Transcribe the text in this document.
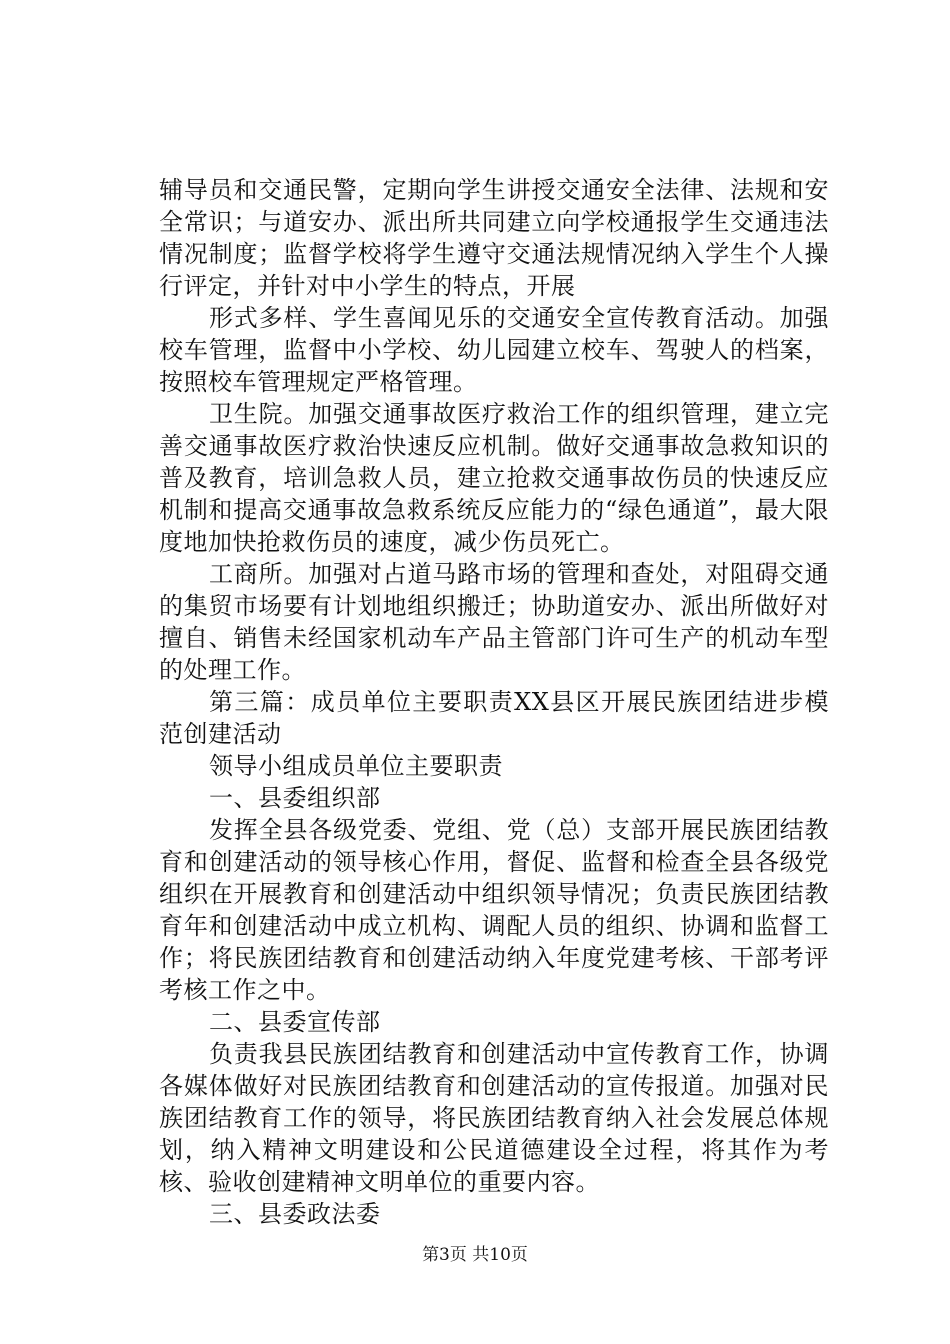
辅导员和交通民警，定期向学生讲授交通安全法律、法规和安全常识；与道安办、派出所共同建立向学校通报学生交通违法情况制度；监督学校将学生遵守交通法规情况纳入学生个人操行评定，并针对中小学生的特点，开展

形式多样、学生喜闻见乐的交通安全宣传教育活动。加强校车管理，监督中小学校、幼儿园建立校车、驾驶人的档案，按照校车管理规定严格管理。

卫生院。加强交通事故医疗救治工作的组织管理，建立完善交通事故医疗救治快速反应机制。做好交通事故急救知识的普及教育，培训急救人员，建立抢救交通事故伤员的快速反应机制和提高交通事故急救系统反应能力的“绿色通道”，最大限度地加快抢救伤员的速度，减少伤员死亡。

工商所。加强对占道马路市场的管理和查处，对阻碍交通的集贸市场要有计划地组织搬迁；协助道安办、派出所做好对擅自、销售未经国家机动车产品主管部门许可生产的机动车型的处理工作。

第三篇：成员单位主要职责XX县区开展民族团结进步模范创建活动

领导小组成员单位主要职责

一、县委组织部

发挥全县各级党委、党组、党（总）支部开展民族团结教育和创建活动的领导核心作用，督促、监督和检查全县各级党组织在开展教育和创建活动中组织领导情况；负责民族团结教育年和创建活动中成立机构、调配人员的组织、协调和监督工作；将民族团结教育和创建活动纳入年度党建考核、干部考评考核工作之中。

二、县委宣传部

负责我县民族团结教育和创建活动中宣传教育工作，协调各媒体做好对民族团结教育和创建活动的宣传报道。加强对民族团结教育工作的领导，将民族团结教育纳入社会发展总体规划，纳入精神文明建设和公民道德建设全过程，将其作为考核、验收创建精神文明单位的重要内容。

三、县委政法委

第3页 共10页
